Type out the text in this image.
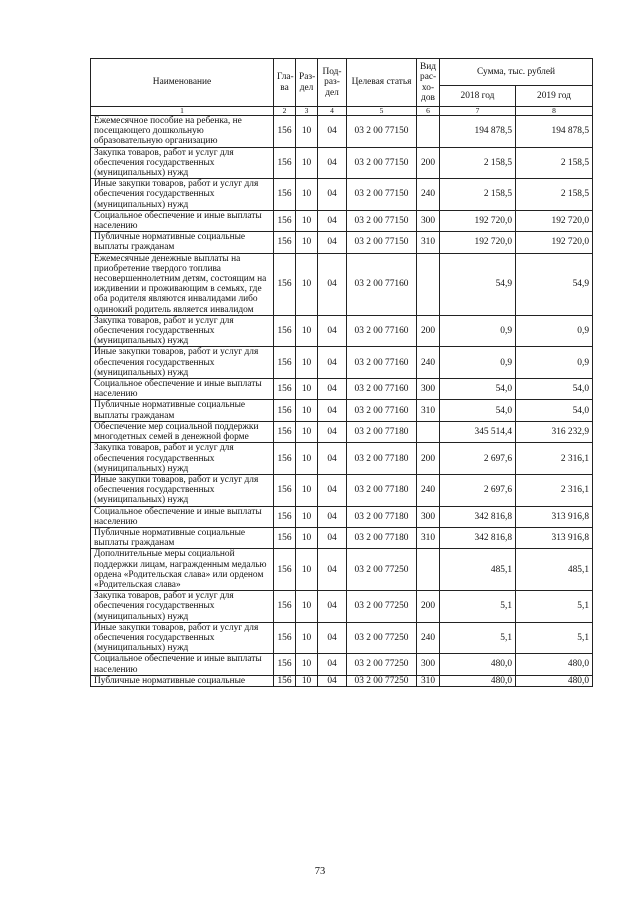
Наименование	Гла-ва	Раз-дел	Под-раз-дел	Целевая статья	Вид рас-хо-дов	Сумма, тыс. рублей	
						2018 год	2019 год
1	2	3	4	5	6	7	8
Ежемесячное пособие на ребенка, не посещающего дошкольную образовательную организацию	156	10	04	03 2 00 77150		194 878,5	194 878,5
Закупка товаров, работ и услуг для обеспечения государственных (муниципальных) нужд	156	10	04	03 2 00 77150	200	2 158,5	2 158,5
Иные закупки товаров, работ и услуг для обеспечения государственных (муниципальных) нужд	156	10	04	03 2 00 77150	240	2 158,5	2 158,5
Социальное обеспечение и иные выплаты населению	156	10	04	03 2 00 77150	300	192 720,0	192 720,0
Публичные нормативные социальные выплаты гражданам	156	10	04	03 2 00 77150	310	192 720,0	192 720,0
Ежемесячные денежные выплаты на приобретение твердого топлива несовершеннолетним детям, состоящим на иждивении и проживающим в семьях, где оба родителя являются инвалидами либо одинокий родитель является инвалидом	156	10	04	03 2 00 77160		54,9	54,9
Закупка товаров, работ и услуг для обеспечения государственных (муниципальных) нужд	156	10	04	03 2 00 77160	200	0,9	0,9
Иные закупки товаров, работ и услуг для обеспечения государственных (муниципальных) нужд	156	10	04	03 2 00 77160	240	0,9	0,9
Социальное обеспечение и иные выплаты населению	156	10	04	03 2 00 77160	300	54,0	54,0
Публичные нормативные социальные выплаты гражданам	156	10	04	03 2 00 77160	310	54,0	54,0
Обеспечение мер социальной поддержки многодетных семей в денежной форме	156	10	04	03 2 00 77180		345 514,4	316 232,9
Закупка товаров, работ и услуг для обеспечения государственных (муниципальных) нужд	156	10	04	03 2 00 77180	200	2 697,6	2 316,1
Иные закупки товаров, работ и услуг для обеспечения государственных (муниципальных) нужд	156	10	04	03 2 00 77180	240	2 697,6	2 316,1
Социальное обеспечение и иные выплаты населению	156	10	04	03 2 00 77180	300	342 816,8	313 916,8
Публичные нормативные социальные выплаты гражданам	156	10	04	03 2 00 77180	310	342 816,8	313 916,8
Дополнительные меры социальной поддержки лицам, награжденным медалью ордена «Родительская слава» или орденом «Родительская слава»	156	10	04	03 2 00 77250		485,1	485,1
Закупка товаров, работ и услуг для обеспечения государственных (муниципальных) нужд	156	10	04	03 2 00 77250	200	5,1	5,1
Иные закупки товаров, работ и услуг для обеспечения государственных (муниципальных) нужд	156	10	04	03 2 00 77250	240	5,1	5,1
Социальное обеспечение и иные выплаты населению	156	10	04	03 2 00 77250	300	480,0	480,0
Публичные нормативные социальные	156	10	04	03 2 00 77250	310	480,0	480,0
73
